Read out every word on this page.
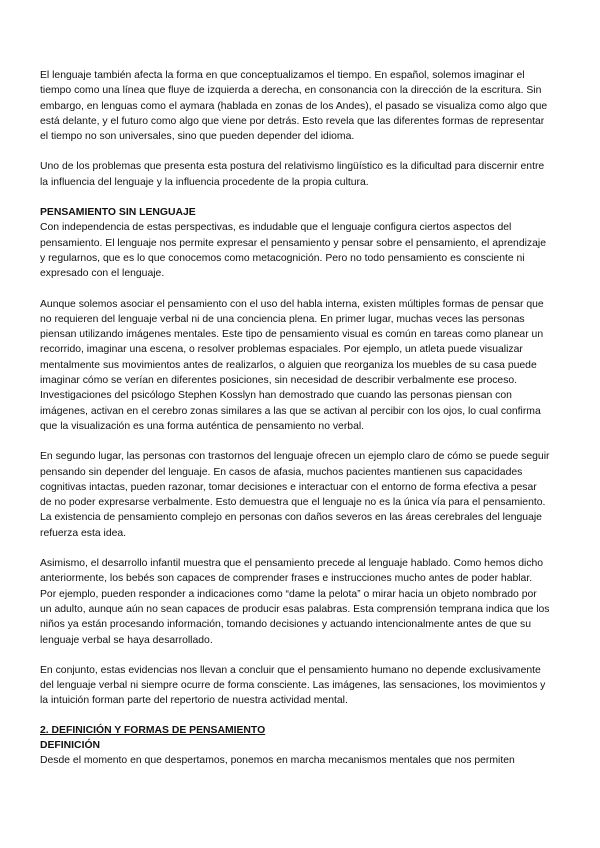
El lenguaje también afecta la forma en que conceptualizamos el tiempo. En español, solemos imaginar el tiempo como una línea que fluye de izquierda a derecha, en consonancia con la dirección de la escritura. Sin embargo, en lenguas como el aymara (hablada en zonas de los Andes), el pasado se visualiza como algo que está delante, y el futuro como algo que viene por detrás. Esto revela que las diferentes formas de representar el tiempo no son universales, sino que pueden depender del idioma.

Uno de los problemas que presenta esta postura del relativismo lingüístico es la dificultad para discernir entre la influencia del lenguaje y la influencia procedente de la propia cultura.

PENSAMIENTO SIN LENGUAJE

Con independencia de estas perspectivas, es indudable que el lenguaje configura ciertos aspectos del pensamiento. El lenguaje nos permite expresar el pensamiento y pensar sobre el pensamiento, el aprendizaje y regularnos, que es lo que conocemos como metacognición. Pero no todo pensamiento es consciente ni expresado con el lenguaje.

Aunque solemos asociar el pensamiento con el uso del habla interna, existen múltiples formas de pensar que no requieren del lenguaje verbal ni de una conciencia plena. En primer lugar, muchas veces las personas piensan utilizando imágenes mentales. Este tipo de pensamiento visual es común en tareas como planear un recorrido, imaginar una escena, o resolver problemas espaciales. Por ejemplo, un atleta puede visualizar mentalmente sus movimientos antes de realizarlos, o alguien que reorganiza los muebles de su casa puede imaginar cómo se verían en diferentes posiciones, sin necesidad de describir verbalmente ese proceso. Investigaciones del psicólogo Stephen Kosslyn han demostrado que cuando las personas piensan con imágenes, activan en el cerebro zonas similares a las que se activan al percibir con los ojos, lo cual confirma que la visualización es una forma auténtica de pensamiento no verbal.

En segundo lugar, las personas con trastornos del lenguaje ofrecen un ejemplo claro de cómo se puede seguir pensando sin depender del lenguaje. En casos de afasia, muchos pacientes mantienen sus capacidades cognitivas intactas, pueden razonar, tomar decisiones e interactuar con el entorno de forma efectiva a pesar de no poder expresarse verbalmente. Esto demuestra que el lenguaje no es la única vía para el pensamiento. La existencia de pensamiento complejo en personas con daños severos en las áreas cerebrales del lenguaje refuerza esta idea.

Asimismo, el desarrollo infantil muestra que el pensamiento precede al lenguaje hablado. Como hemos dicho anteriormente, los bebés son capaces de comprender frases e instrucciones mucho antes de poder hablar. Por ejemplo, pueden responder a indicaciones como “dame la pelota” o mirar hacia un objeto nombrado por un adulto, aunque aún no sean capaces de producir esas palabras. Esta comprensión temprana indica que los niños ya están procesando información, tomando decisiones y actuando intencionalmente antes de que su lenguaje verbal se haya desarrollado.

En conjunto, estas evidencias nos llevan a concluir que el pensamiento humano no depende exclusivamente del lenguaje verbal ni siempre ocurre de forma consciente. Las imágenes, las sensaciones, los movimientos y la intuición forman parte del repertorio de nuestra actividad mental.

2. DEFINICIÓN Y FORMAS DE PENSAMIENTO
DEFINICIÓN

Desde el momento en que despertamos, ponemos en marcha mecanismos mentales que nos permiten
